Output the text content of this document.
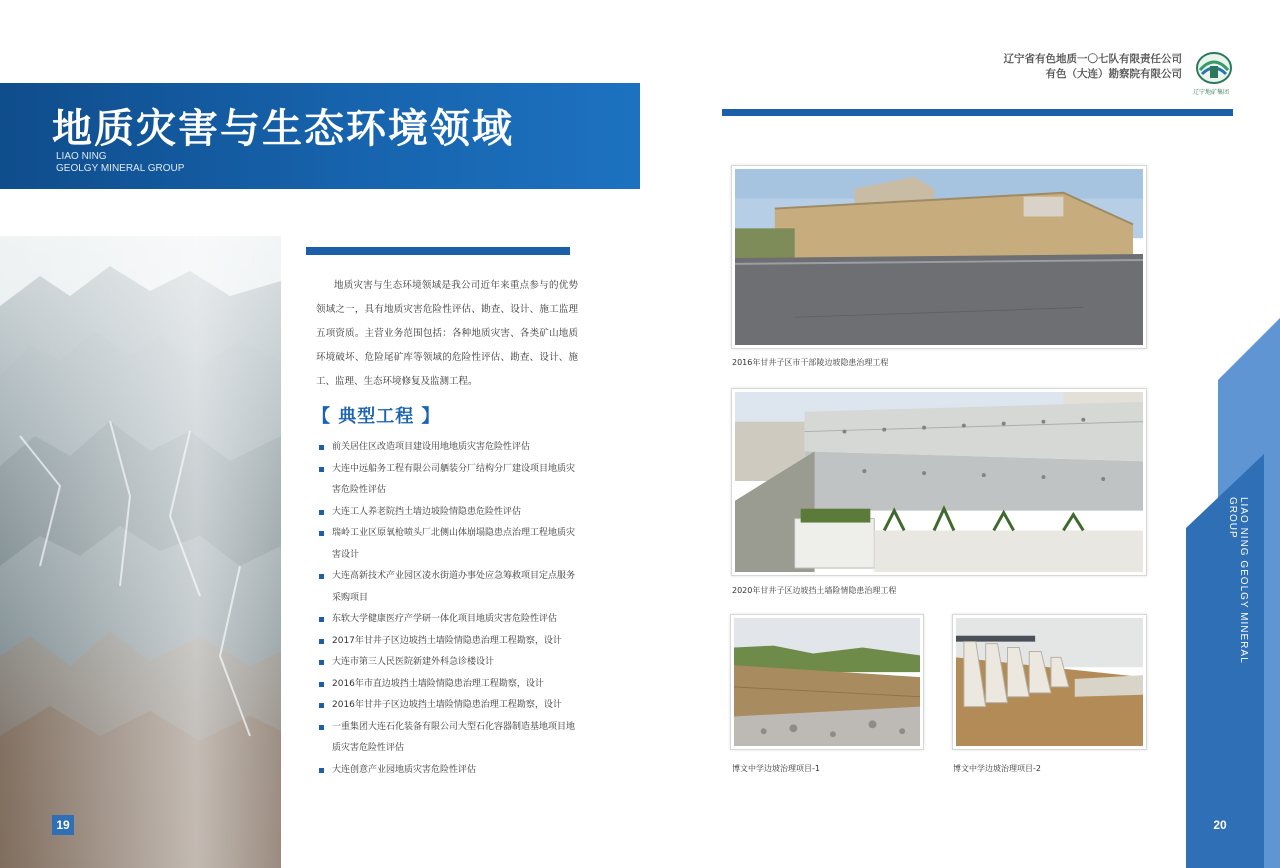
地质灾害与生态环境领域
LIAO NING
GEOLGY MINERAL GROUP
19

地质灾害与生态环境领域是我公司近年来重点参与的优势领域之一，具有地质灾害危险性评估、勘查、设计、施工监理五项资质。主营业务范围包括：各种地质灾害、各类矿山地质环境破坏、危险尾矿库等领域的危险性评估、勘查、设计、施工、监理、生态环境修复及监测工程。

【 典型工程 】
前关居住区改造项目建设用地地质灾害危险性评估
大连中远船务工程有限公司舾装分厂结构分厂建设项目地质灾害危险性评估
大连工人养老院挡土墙边坡险情隐患危险性评估
瑞岭工业区原氧枪喷头厂北侧山体崩塌隐患点治理工程地质灾害设计
大连高新技术产业园区凌水街道办事处应急筹救项目定点服务采购项目
东软大学健康医疗产学研一体化项目地质灾害危险性评估
2017年甘井子区边坡挡土墙险情隐患治理工程勘察，设计
大连市第三人民医院新建外科急诊楼设计
2016年市直边坡挡土墙险情隐患治理工程勘察，设计
2016年甘井子区边坡挡土墙险情隐患治理工程勘察，设计
一重集团大连石化装备有限公司大型石化容器制造基地项目地质灾害危险性评估
大连创意产业园地质灾害危险性评估
辽宁省有色地质一〇七队有限责任公司
有色（大连）勘察院有限公司
辽宁地矿集团
2016年甘井子区市干部陵边坡隐患治理工程
2020年甘井子区边坡挡土墙险情隐患治理工程
博文中学边坡治理项目-1	博文中学边坡治理项目-2
LIAO NING GEOLGY MINERAL GROUP
20
